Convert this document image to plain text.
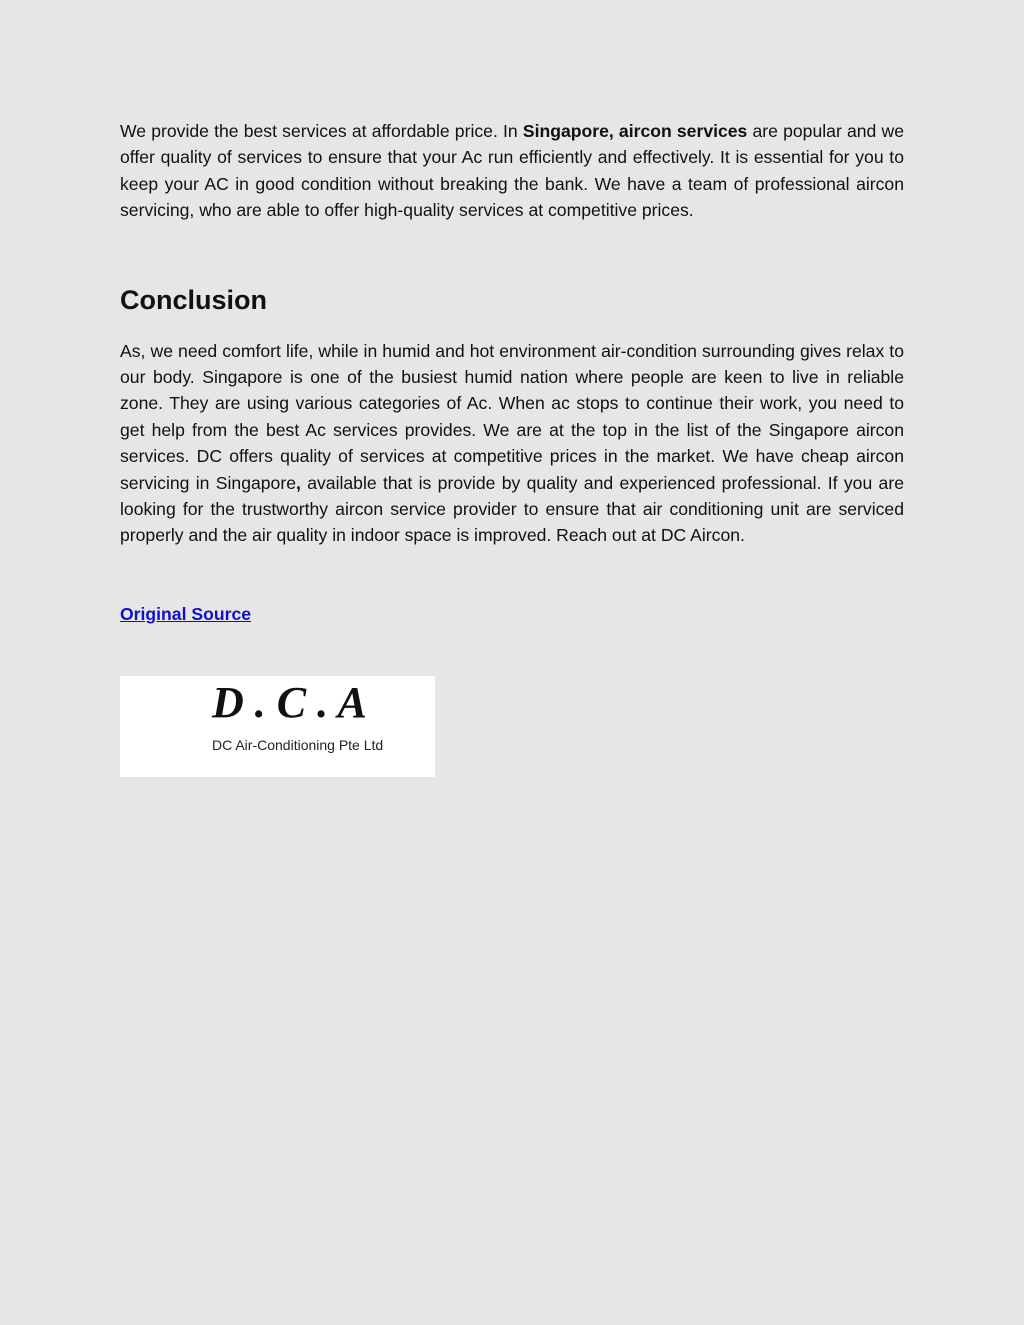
We provide the best services at affordable price. In Singapore, aircon services are popular and we offer quality of services to ensure that your Ac run efficiently and effectively. It is essential for you to keep your AC in good condition without breaking the bank. We have a team of professional aircon servicing, who are able to offer high-quality services at competitive prices.

Conclusion

As, we need comfort life, while in humid and hot environment air-condition surrounding gives relax to our body. Singapore is one of the busiest humid nation where people are keen to live in reliable zone. They are using various categories of Ac. When ac stops to continue their work, you need to get help from the best Ac services provides. We are at the top in the list of the Singapore aircon services. DC offers quality of services at competitive prices in the market. We have cheap aircon servicing in Singapore, available that is provide by quality and experienced professional. If you are looking for the trustworthy aircon service provider to ensure that air conditioning unit are serviced properly and the air quality in indoor space is improved. Reach out at DC Aircon.

Original Source
D . C . A
DC Air-Conditioning Pte Ltd
